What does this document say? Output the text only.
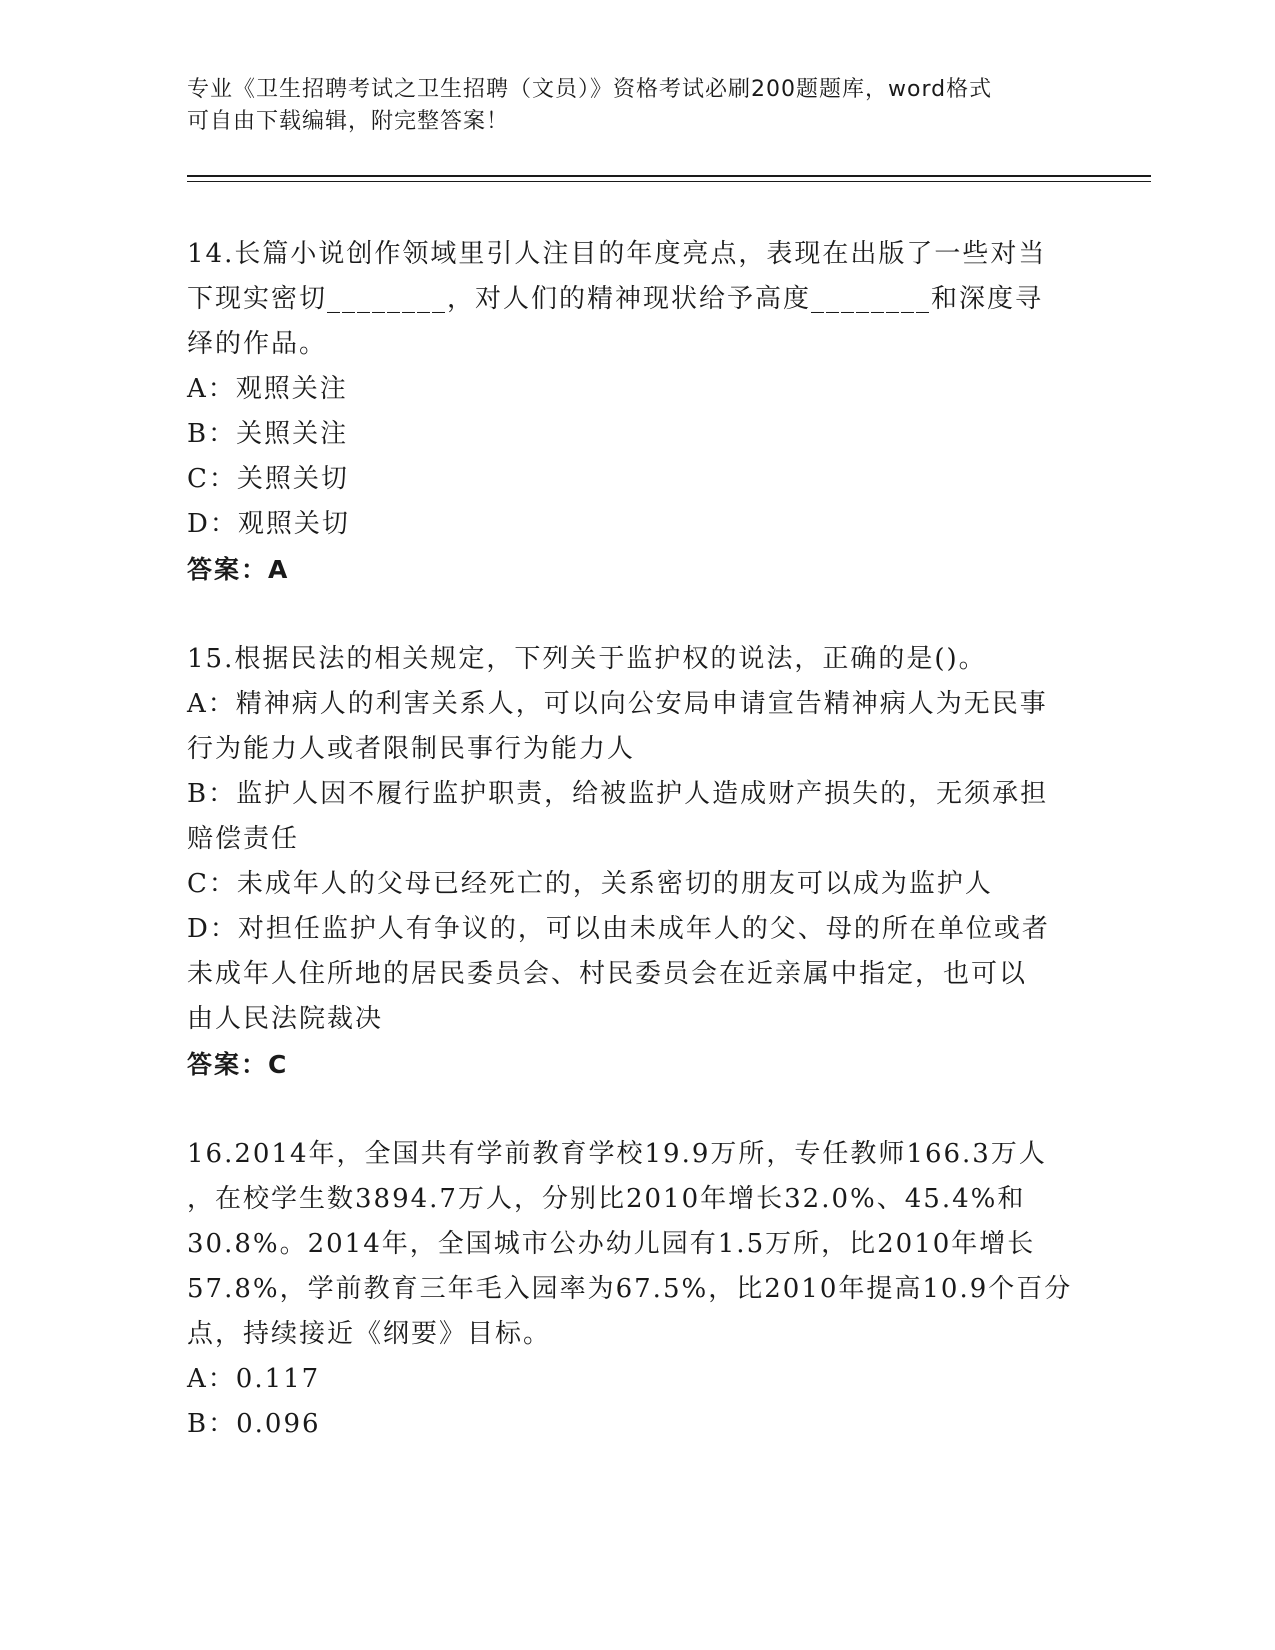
专业《卫生招聘考试之卫生招聘（文员）》资格考试必刷200题题库，word格式
可自由下载编辑，附完整答案！
14.长篇小说创作领域里引人注目的年度亮点，表现在出版了一些对当
下现实密切________，对人们的精神现状给予高度________和深度寻
绎的作品。
A：观照关注
B：关照关注
C：关照关切
D：观照关切
答案：A
15.根据民法的相关规定，下列关于监护权的说法，正确的是()。
A：精神病人的利害关系人，可以向公安局申请宣告精神病人为无民事
行为能力人或者限制民事行为能力人
B：监护人因不履行监护职责，给被监护人造成财产损失的，无须承担
赔偿责任
C：未成年人的父母已经死亡的，关系密切的朋友可以成为监护人
D：对担任监护人有争议的，可以由未成年人的父、母的所在单位或者
未成年人住所地的居民委员会、村民委员会在近亲属中指定，也可以
由人民法院裁决
答案：C
16.2014年，全国共有学前教育学校19.9万所，专任教师166.3万人
，在校学生数3894.7万人，分别比2010年增长32.0%、45.4%和
30.8%。2014年，全国城市公办幼儿园有1.5万所，比2010年增长
57.8%，学前教育三年毛入园率为67.5%，比2010年提高10.9个百分
点，持续接近《纲要》目标。
A：0.117
B：0.096
